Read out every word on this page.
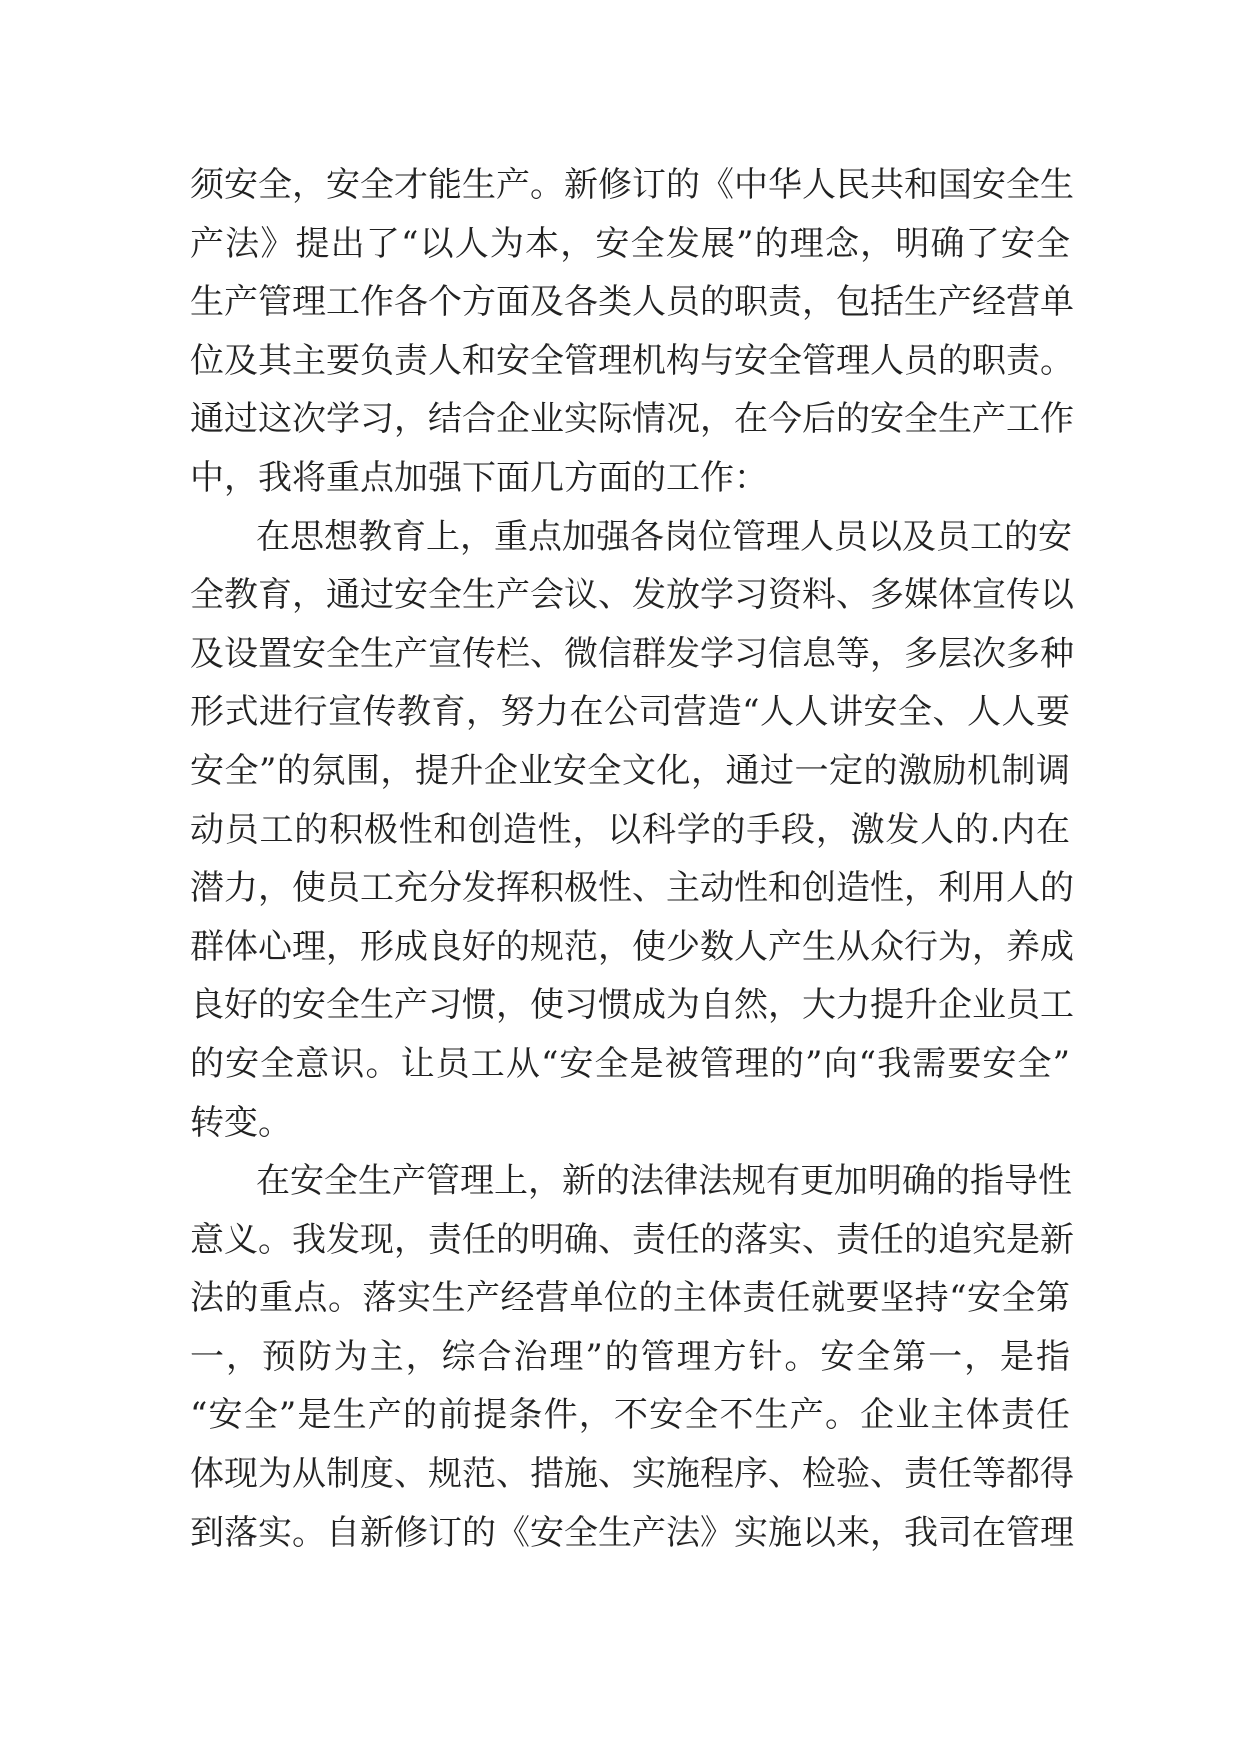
须安全，安全才能生产。新修订的《中华人民共和国安全生
产法》提出了“以人为本，安全发展”的理念，明确了安全
生产管理工作各个方面及各类人员的职责，包括生产经营单
位及其主要负责人和安全管理机构与安全管理人员的职责。
通过这次学习，结合企业实际情况，在今后的安全生产工作
中，我将重点加强下面几方面的工作：
在思想教育上，重点加强各岗位管理人员以及员工的安
全教育，通过安全生产会议、发放学习资料、多媒体宣传以
及设置安全生产宣传栏、微信群发学习信息等，多层次多种
形式进行宣传教育，努力在公司营造“人人讲安全、人人要
安全”的氛围，提升企业安全文化，通过一定的激励机制调
动员工的积极性和创造性，以科学的手段，激发人的.内在
潜力，使员工充分发挥积极性、主动性和创造性，利用人的
群体心理，形成良好的规范，使少数人产生从众行为，养成
良好的安全生产习惯，使习惯成为自然，大力提升企业员工
的安全意识。让员工从“安全是被管理的”向“我需要安全”
转变。
在安全生产管理上，新的法律法规有更加明确的指导性
意义。我发现，责任的明确、责任的落实、责任的追究是新
法的重点。落实生产经营单位的主体责任就要坚持“安全第
一，预防为主，综合治理”的管理方针。安全第一，是指
“安全”是生产的前提条件，不安全不生产。企业主体责任
体现为从制度、规范、措施、实施程序、检验、责任等都得
到落实。自新修订的《安全生产法》实施以来，我司在管理
